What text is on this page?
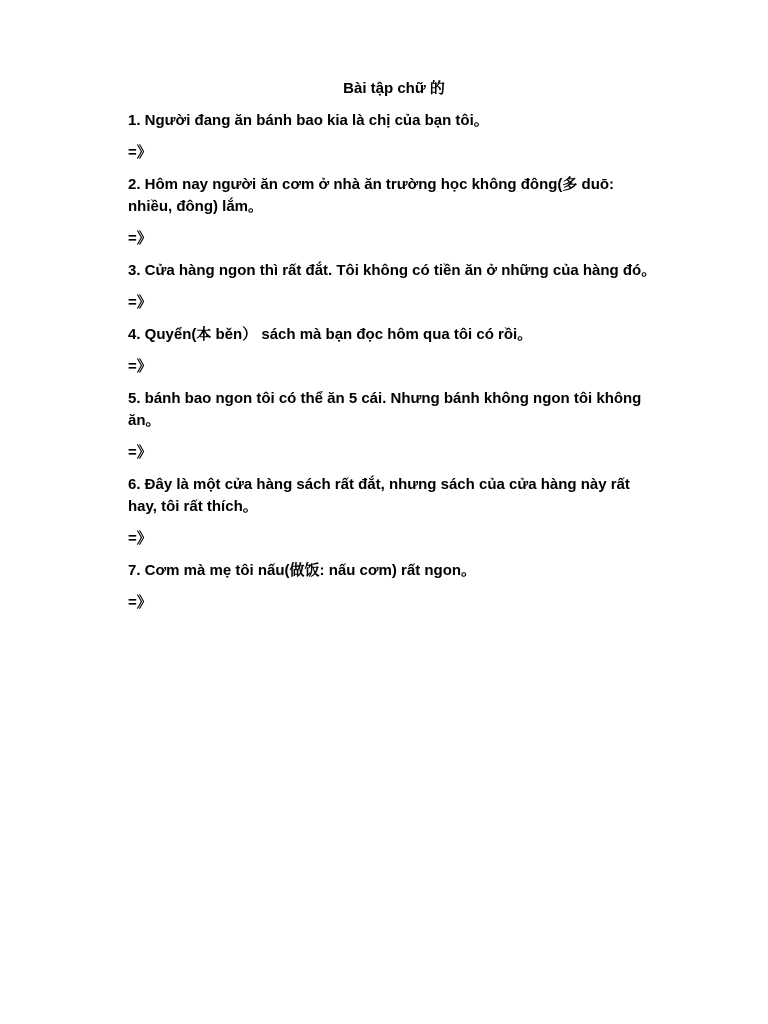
Bài tập chữ 的
1. Người đang ăn bánh bao kia là chị của bạn tôi。
=》
2. Hôm nay người ăn cơm ở nhà ăn trường học không đông(多 duō: nhiều, đông) lắm。
=》
3. Cửa hàng ngon thì rất đắt. Tôi không có tiền ăn ở những của hàng đó。
=》
4. Quyển(本 běn） sách mà bạn đọc hôm qua tôi có rồi。
=》
5. bánh bao ngon tôi có thể ăn 5 cái. Nhưng bánh không ngon tôi không ăn。
=》
6. Đây là một cửa hàng sách rất đắt, nhưng sách của cửa hàng này rất hay, tôi rất thích。
=》
7. Cơm mà mẹ tôi nấu(做饭: nấu cơm) rất ngon。
=》
